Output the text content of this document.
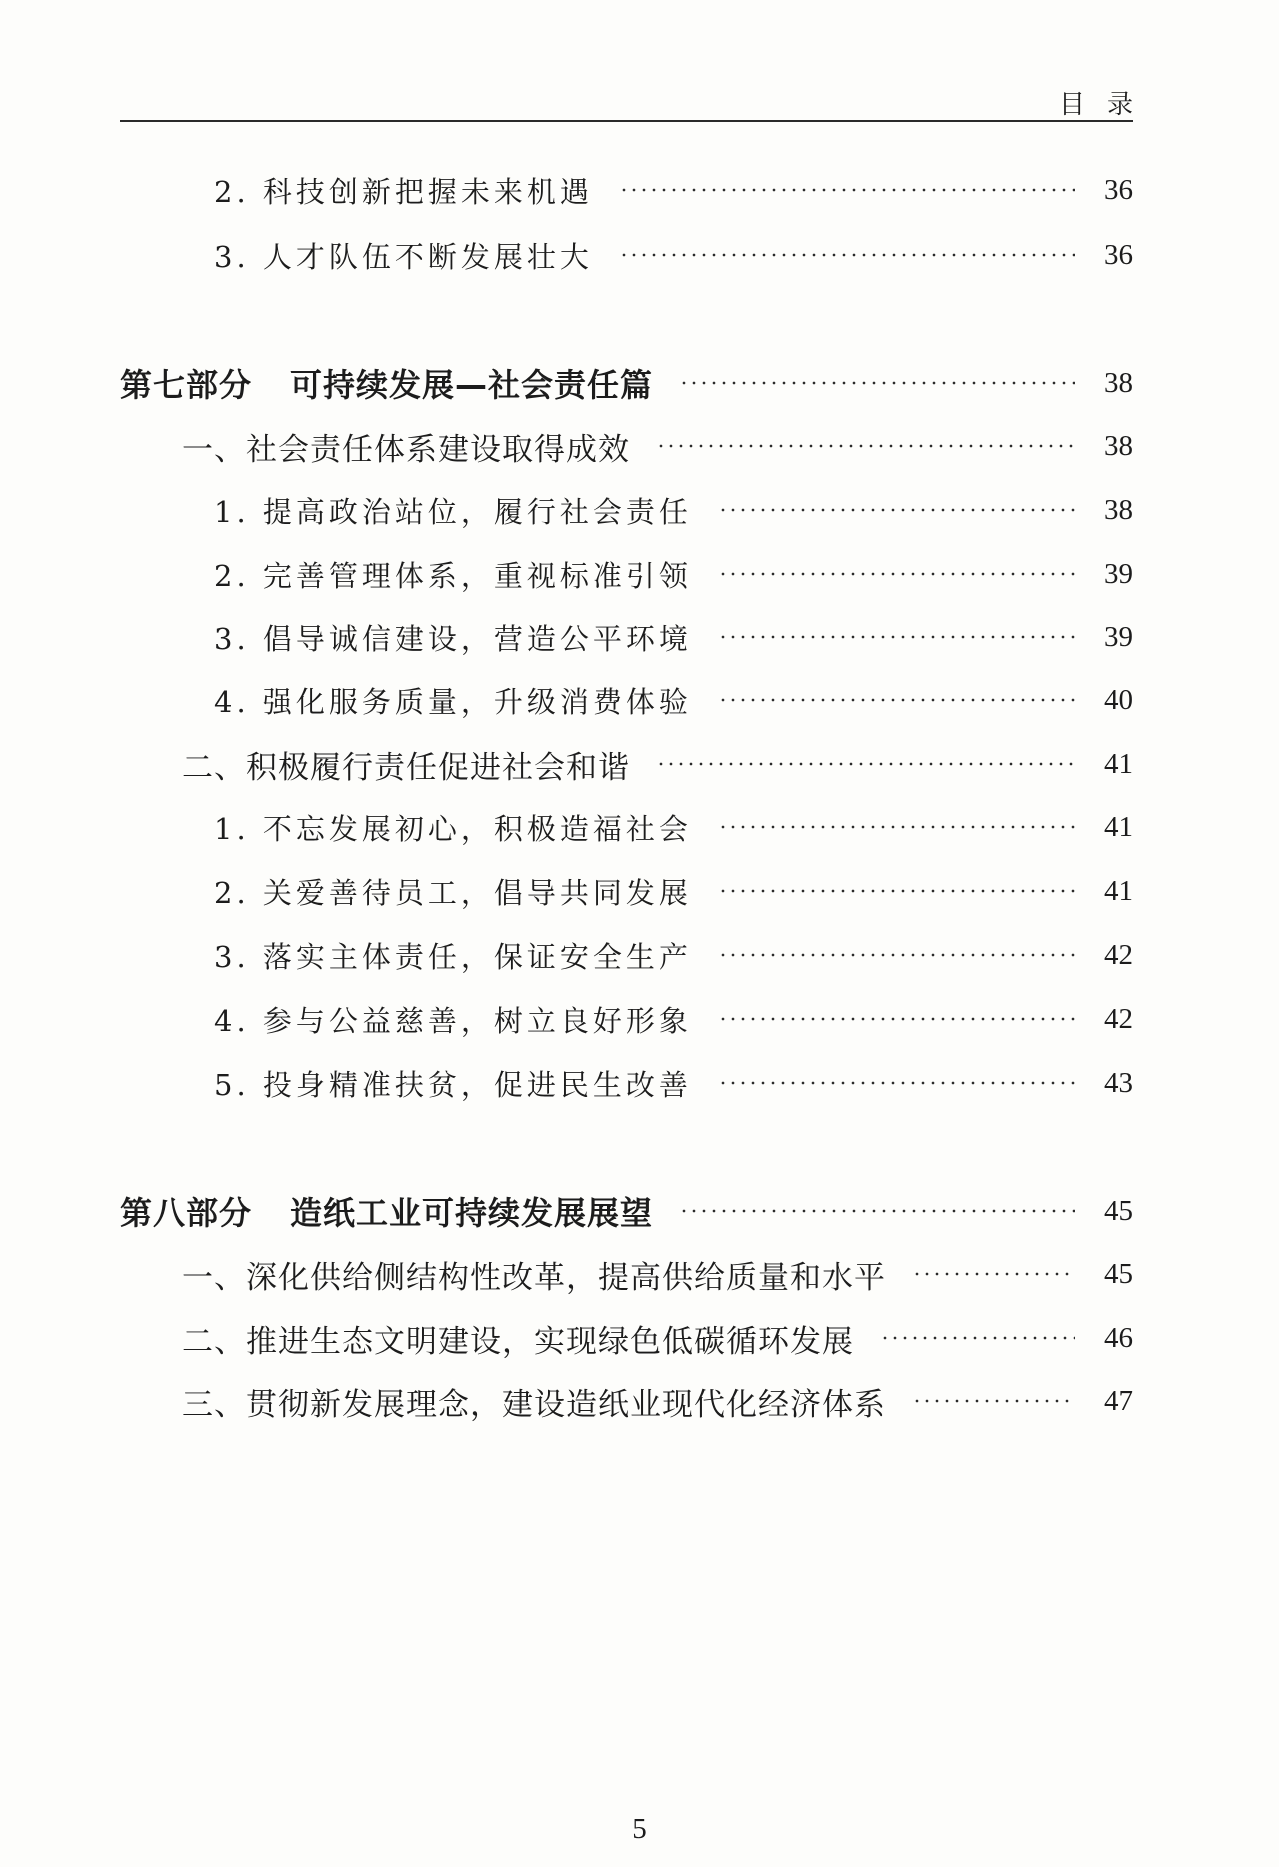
目录
2. 科技创新把握未来机遇	36
3. 人才队伍不断发展壮大	36
第七部分 可持续发展—社会责任篇	38
一、社会责任体系建设取得成效	38
1. 提高政治站位，履行社会责任	38
2. 完善管理体系，重视标准引领	39
3. 倡导诚信建设，营造公平环境	39
4. 强化服务质量，升级消费体验	40
二、积极履行责任促进社会和谐	41
1. 不忘发展初心，积极造福社会	41
2. 关爱善待员工，倡导共同发展	41
3. 落实主体责任，保证安全生产	42
4. 参与公益慈善，树立良好形象	42
5. 投身精准扶贫，促进民生改善	43
第八部分 造纸工业可持续发展展望	45
一、深化供给侧结构性改革，提高供给质量和水平	45
二、推进生态文明建设，实现绿色低碳循环发展	46
三、贯彻新发展理念，建设造纸业现代化经济体系	47
5
